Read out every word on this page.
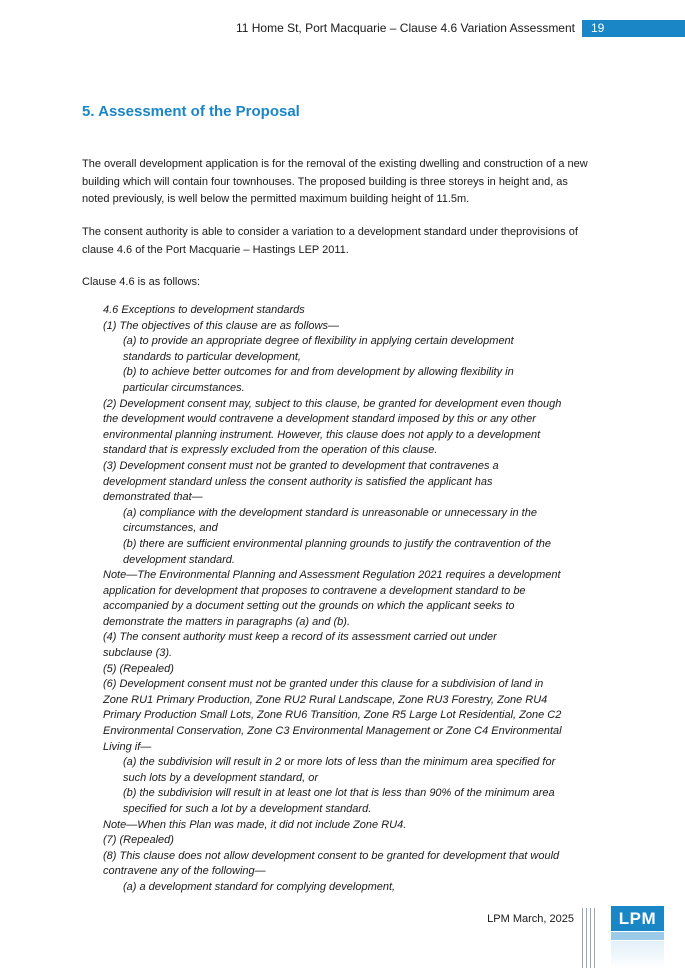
11 Home St, Port Macquarie – Clause 4.6 Variation Assessment	19
5. Assessment of the Proposal

The overall development application is for the removal of the existing dwelling and construction of a new building which will contain four townhouses. The proposed building is three storeys in height and, as noted previously, is well below the permitted maximum building height of 11.5m.

The consent authority is able to consider a variation to a development standard under theprovisions of clause 4.6 of the Port Macquarie – Hastings LEP 2011.

Clause 4.6 is as follows:

4.6 Exceptions to development standards
(1) The objectives of this clause are as follows—
(a) to provide an appropriate degree of flexibility in applying certain development
standards to particular development,
(b) to achieve better outcomes for and from development by allowing flexibility in
particular circumstances.
(2) Development consent may, subject to this clause, be granted for development even though
the development would contravene a development standard imposed by this or any other
environmental planning instrument. However, this clause does not apply to a development
standard that is expressly excluded from the operation of this clause.
(3) Development consent must not be granted to development that contravenes a
development standard unless the consent authority is satisfied the applicant has
demonstrated that—
(a) compliance with the development standard is unreasonable or unnecessary in the
circumstances, and
(b) there are sufficient environmental planning grounds to justify the contravention of the
development standard.
Note—The Environmental Planning and Assessment Regulation 2021 requires a development
application for development that proposes to contravene a development standard to be
accompanied by a document setting out the grounds on which the applicant seeks to
demonstrate the matters in paragraphs (a) and (b).
(4) The consent authority must keep a record of its assessment carried out under
subclause (3).
(5) (Repealed)
(6) Development consent must not be granted under this clause for a subdivision of land in
Zone RU1 Primary Production, Zone RU2 Rural Landscape, Zone RU3 Forestry, Zone RU4
Primary Production Small Lots, Zone RU6 Transition, Zone R5 Large Lot Residential, Zone C2
Environmental Conservation, Zone C3 Environmental Management or Zone C4 Environmental
Living if—
(a) the subdivision will result in 2 or more lots of less than the minimum area specified for
such lots by a development standard, or
(b) the subdivision will result in at least one lot that is less than 90% of the minimum area
specified for such a lot by a development standard.
Note—When this Plan was made, it did not include Zone RU4.
(7) (Repealed)
(8) This clause does not allow development consent to be granted for development that would
contravene any of the following—
(a) a development standard for complying development,
LPM March, 2025	LPM
